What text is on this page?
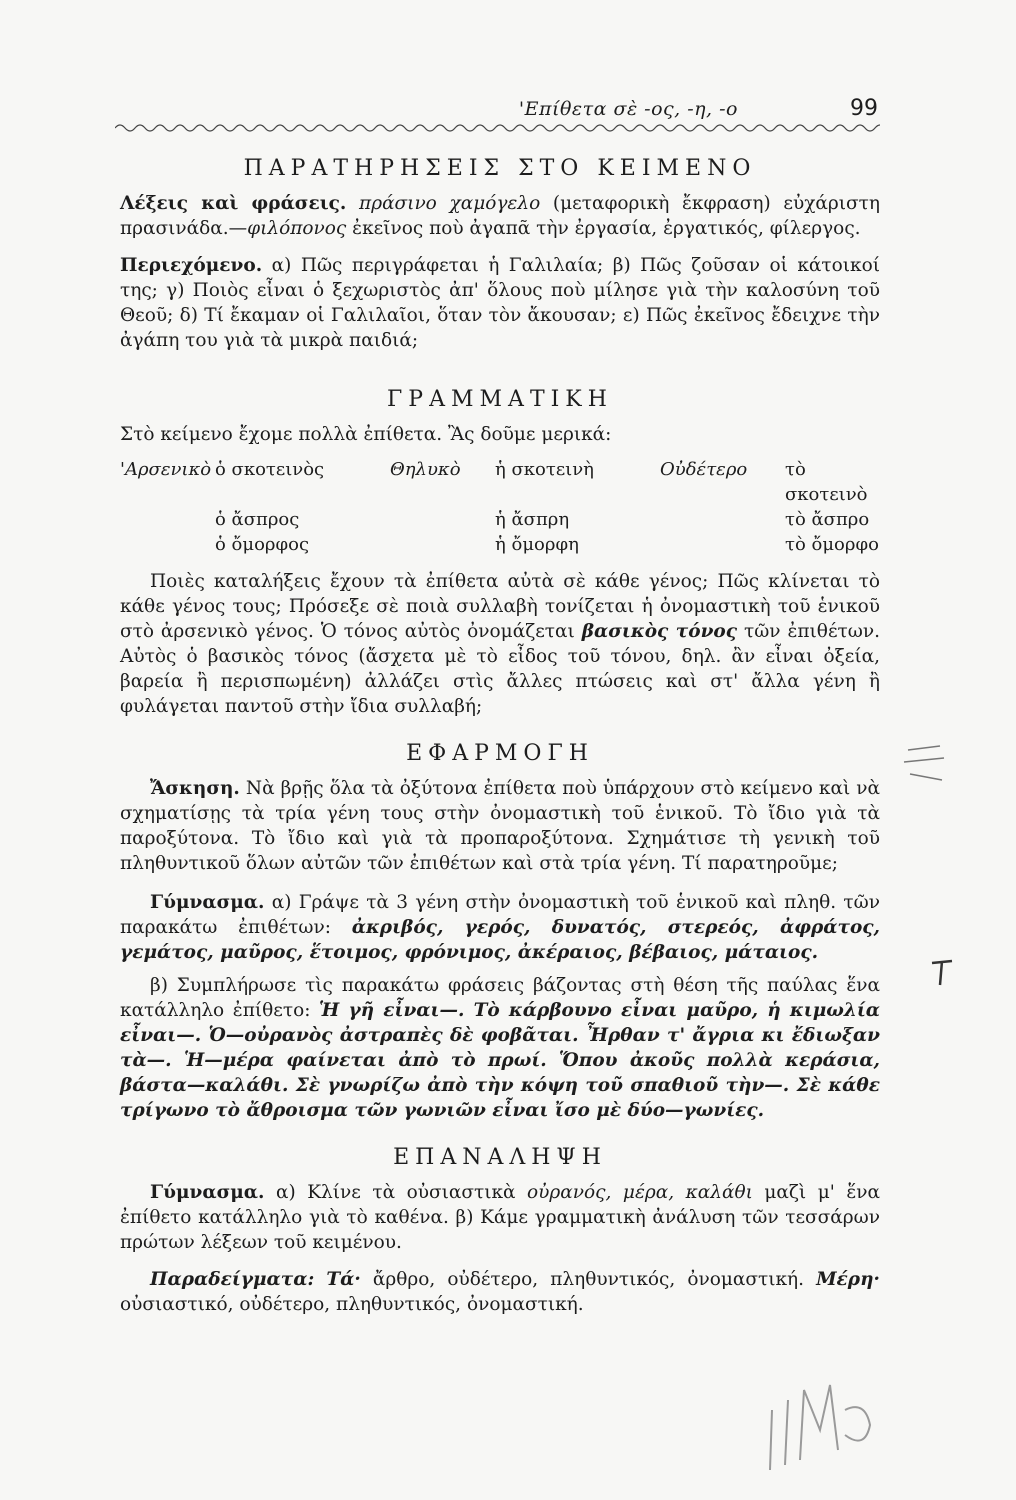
'Επίθετα σὲ -ος, -η, -ο	99
ΠΑΡΑΤΗΡΗΣΕΙΣ ΣΤΟ ΚΕΙΜΕΝΟ

Λέξεις καὶ φράσεις. πράσινο χαμόγελο (μεταφορικὴ ἔκφραση) εὐχάριστη πρασινάδα.—φιλόπονος ἐκεῖνος ποὺ ἀγαπᾶ τὴν ἐργασία, ἐργατικός, φίλεργος.

Περιεχόμενο. α) Πῶς περιγράφεται ἡ Γαλιλαία; β) Πῶς ζοῦσαν οἱ κάτοικοί της; γ) Ποιὸς εἶναι ὁ ξεχωριστὸς ἀπ' ὅλους ποὺ μίλησε γιὰ τὴν καλοσύνη τοῦ Θεοῦ; δ) Τί ἔκαμαν οἱ Γαλιλαῖοι, ὅταν τὸν ἄκουσαν; ε) Πῶς ἐκεῖνος ἔδειχνε τὴν ἀγάπη του γιὰ τὰ μικρὰ παιδιά;

ΓΡΑΜΜΑΤΙΚΗ

Στὸ κείμενο ἔχομε πολλὰ ἐπίθετα. Ἂς δοῦμε μερικά:

'Αρσενικὸ	ὁ σκοτεινὸς	Θηλυκὸ	ἡ σκοτεινὴ	Οὐδέτερο	τὸ σκοτεινὸ
	ὁ ἄσπρος		ἡ ἄσπρη		τὸ ἄσπρο
	ὁ ὄμορφος		ἡ ὄμορφη		τὸ ὄμορφο

Ποιὲς καταλήξεις ἔχουν τὰ ἐπίθετα αὐτὰ σὲ κάθε γένος; Πῶς κλίνεται τὸ κάθε γένος τους; Πρόσεξε σὲ ποιὰ συλλαβὴ τονίζεται ἡ ὀνομαστικὴ τοῦ ἑνικοῦ στὸ ἀρσενικὸ γένος. Ὁ τόνος αὐτὸς ὀνομάζεται βασικὸς τόνος τῶν ἐπιθέτων. Αὐτὸς ὁ βασικὸς τόνος (ἄσχετα μὲ τὸ εἶδος τοῦ τόνου, δηλ. ἂν εἶναι ὀξεία, βαρεία ἢ περισπωμένη) ἀλλάζει στὶς ἄλλες πτώσεις καὶ στ' ἄλλα γένη ἢ φυλάγεται παντοῦ στὴν ἴδια συλλαβή;

ΕΦΑΡΜΟΓΗ

Ἄσκηση. Νὰ βρῇς ὅλα τὰ ὀξύτονα ἐπίθετα ποὺ ὑπάρχουν στὸ κείμενο καὶ νὰ σχηματίσῃς τὰ τρία γένη τους στὴν ὀνομαστικὴ τοῦ ἑνικοῦ. Τὸ ἴδιο γιὰ τὰ παροξύτονα. Τὸ ἴδιο καὶ γιὰ τὰ προπαροξύτονα. Σχημάτισε τὴ γενικὴ τοῦ πληθυντικοῦ ὅλων αὐτῶν τῶν ἐπιθέτων καὶ στὰ τρία γένη. Τί παρατηροῦμε;

Γύμνασμα. α) Γράψε τὰ 3 γένη στὴν ὀνομαστικὴ τοῦ ἑνικοῦ καὶ πληθ. τῶν παρακάτω ἐπιθέτων: ἀκριβός, γερός, δυνατός, στερεός, ἀφράτος, γεμάτος, μαῦρος, ἕτοιμος, φρόνιμος, ἀκέραιος, βέβαιος, μάταιος.

β) Συμπλήρωσε τὶς παρακάτω φράσεις βάζοντας στὴ θέση τῆς παύλας ἕνα κατάλληλο ἐπίθετο: Ἡ γῆ εἶναι—. Τὸ κάρβουνο εἶναι μαῦρο, ἡ κιμωλία εἶναι—. Ὁ—οὐρανὸς ἀστραπὲς δὲ φοβᾶται. Ἦρθαν τ' ἄγρια κι ἔδιωξαν τὰ—. Ἡ—μέρα φαίνεται ἀπὸ τὸ πρωί. Ὅπου ἀκοῦς πολλὰ κεράσια, βάστα—καλάθι. Σὲ γνωρίζω ἀπὸ τὴν κόψη τοῦ σπαθιοῦ τὴν—. Σὲ κάθε τρίγωνο τὸ ἄθροισμα τῶν γωνιῶν εἶναι ἴσο μὲ δύο—γωνίες.

ΕΠΑΝΑΛΗΨΗ

Γύμνασμα. α) Κλίνε τὰ οὐσιαστικὰ οὐρανός, μέρα, καλάθι μαζὶ μ' ἕνα ἐπίθετο κατάλληλο γιὰ τὸ καθένα. β) Κάμε γραμματικὴ ἀνάλυση τῶν τεσσάρων πρώτων λέξεων τοῦ κειμένου.

Παραδείγματα: Τά· ἄρθρο, οὐδέτερο, πληθυντικός, ὀνομαστική. Μέρη· οὐσιαστικό, οὐδέτερο, πληθυντικός, ὀνομαστική.
